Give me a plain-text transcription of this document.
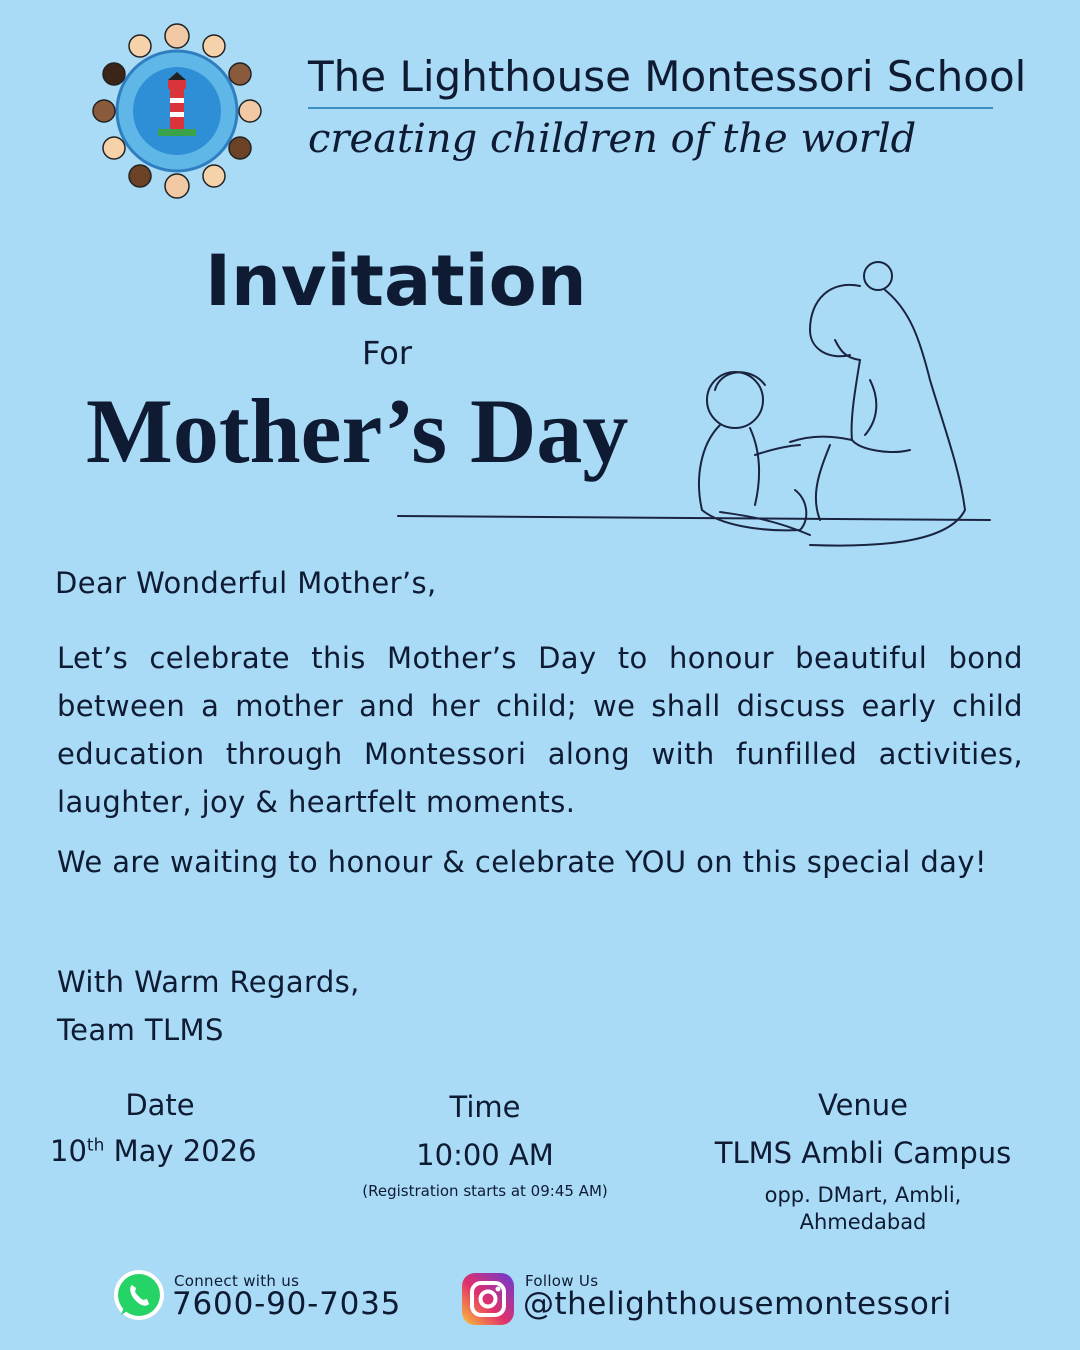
The Lighthouse Montessori School
creating children of the world
Invitation
For
Mother’s Day
Dear Wonderful Mother’s,
Let’s celebrate this Mother’s Day to honour beautiful bond between a mother and her child; we shall discuss early child education through Montessori along with funfilled activities, laughter, joy & heartfelt moments.
We are waiting to honour & celebrate YOU on this special day!
With Warm Regards,
Team TLMS
Date
10th May 2026
Time
10:00 AM
(Registration starts at 09:45 AM)
Venue
TLMS Ambli Campus
opp. DMart, Ambli, Ahmedabad
Connect with us
7600-90-7035
Follow Us
@thelighthousemontessori
